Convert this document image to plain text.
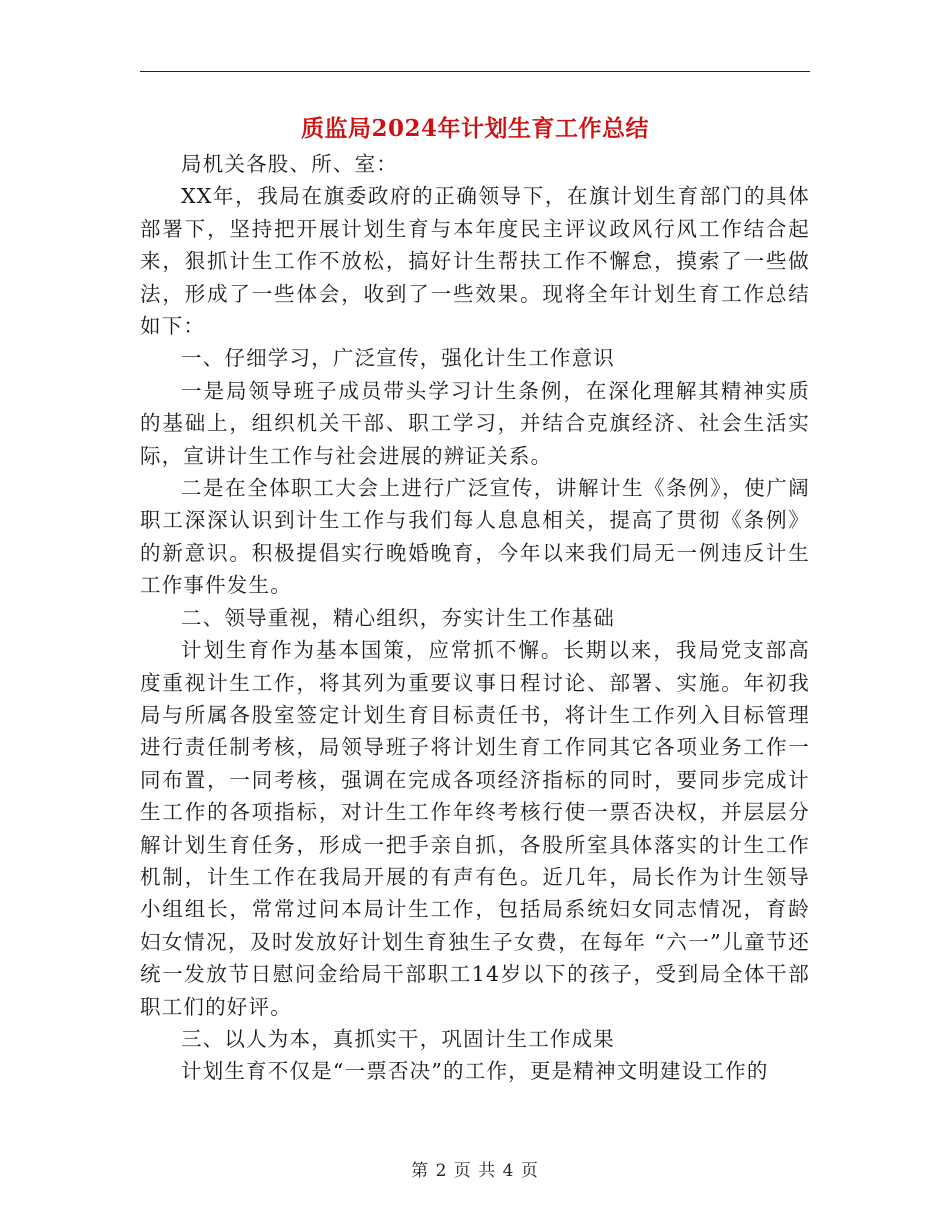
质监局2024年计划生育工作总结

局机关各股、所、室：

XX年，我局在旗委政府的正确领导下，在旗计划生育部门的具体部署下，坚持把开展计划生育与本年度民主评议政风行风工作结合起来，狠抓计生工作不放松，搞好计生帮扶工作不懈怠，摸索了一些做法，形成了一些体会，收到了一些效果。现将全年计划生育工作总结如下：

一、仔细学习，广泛宣传，强化计生工作意识

一是局领导班子成员带头学习计生条例，在深化理解其精神实质的基础上，组织机关干部、职工学习，并结合克旗经济、社会生活实际，宣讲计生工作与社会进展的辨证关系。

二是在全体职工大会上进行广泛宣传，讲解计生《条例》，使广阔职工深深认识到计生工作与我们每人息息相关，提高了贯彻《条例》的新意识。积极提倡实行晚婚晚育，今年以来我们局无一例违反计生工作事件发生。

二、领导重视，精心组织，夯实计生工作基础

计划生育作为基本国策，应常抓不懈。长期以来，我局党支部高度重视计生工作，将其列为重要议事日程讨论、部署、实施。年初我局与所属各股室签定计划生育目标责任书，将计生工作列入目标管理进行责任制考核，局领导班子将计划生育工作同其它各项业务工作一同布置，一同考核，强调在完成各项经济指标的同时，要同步完成计生工作的各项指标，对计生工作年终考核行使一票否决权，并层层分解计划生育任务，形成一把手亲自抓，各股所室具体落实的计生工作机制，计生工作在我局开展的有声有色。近几年，局长作为计生领导小组组长，常常过问本局计生工作，包括局系统妇女同志情况，育龄妇女情况，及时发放好计划生育独生子女费，在每年 “六一”儿童节还统一发放节日慰问金给局干部职工14岁以下的孩子，受到局全体干部职工们的好评。

三、以人为本，真抓实干，巩固计生工作成果

计划生育不仅是“一票否决”的工作，更是精神文明建设工作的

第 2 页 共 4 页
